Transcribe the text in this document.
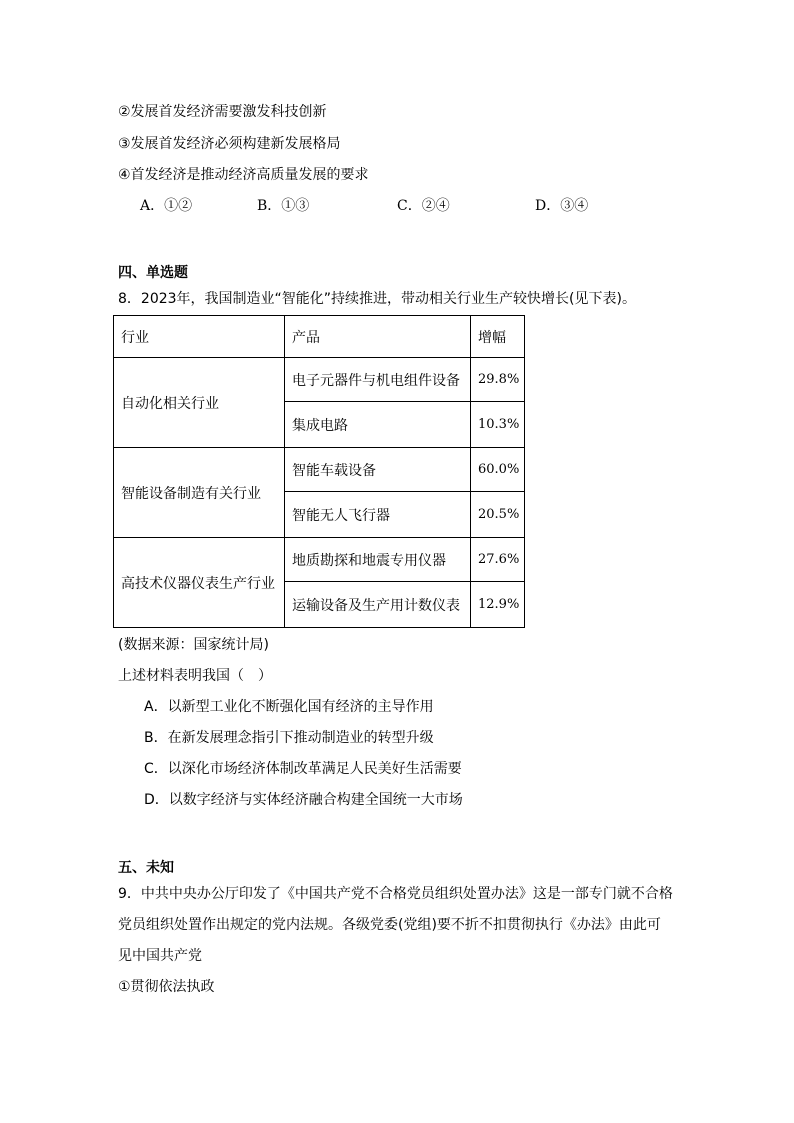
②发展首发经济需要激发科技创新
③发展首发经济必须构建新发展格局
④首发经济是推动经济高质量发展的要求
A．①②	B．①③	C．②④	D．③④
四、单选题
8．2023年，我国制造业“智能化”持续推进，带动相关行业生产较快增长(见下表)。
行业	产品	增幅
自动化相关行业	电子元器件与机电组件设备	29.8%
	集成电路	10.3%
智能设备制造有关行业	智能车载设备	60.0%
	智能无人飞行器	20.5%
高技术仪器仪表生产行业	地质勘探和地震专用仪器	27.6%
	运输设备及生产用计数仪表	12.9%
(数据来源：国家统计局)
上述材料表明我国（　）
A．以新型工业化不断强化国有经济的主导作用
B．在新发展理念指引下推动制造业的转型升级
C．以深化市场经济体制改革满足人民美好生活需要
D．以数字经济与实体经济融合构建全国统一大市场
五、未知
9．中共中央办公厅印发了《中国共产党不合格党员组织处置办法》这是一部专门就不合格
党员组织处置作出规定的党内法规。各级党委(党组)要不折不扣贯彻执行《办法》由此可
见中国共产党
①贯彻依法执政
